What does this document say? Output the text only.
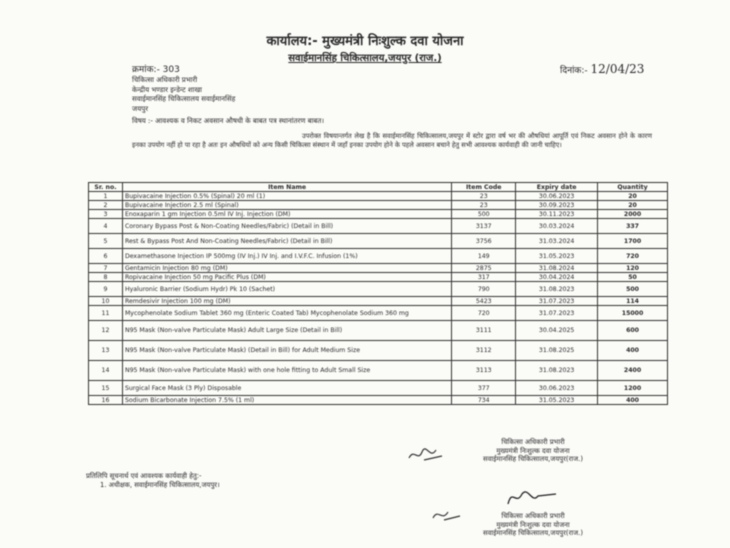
कार्यालय:- मुख्यमंत्री निःशुल्क दवा योजना
सवाईमानसिंह चिकित्सालय,जयपुर (राज.)
क्रमांक:- 303	दिनांक:- 12/04/23
चिकित्सा अधिकारी प्रभारी
केन्द्रीय भण्डार इन्डेन्ट शाखा
सवाईमानसिंह चिकित्सालय सवाईमानसिंह
जयपुर
विषय :- आवश्यक व निकट अवसान औषधी के बाबत पत्र स्थानांतरण बाबत।

उपरोक्त विषयान्तर्गत लेख है कि सवाईमानसिंह चिकित्सालय,जयपुर में स्टोर द्वारा वर्ष भर की औषधियां आपूर्ति एवं निकट अवसान होने के कारण इनका उपयोग नहीं हो पा रहा है अतः इन औषधियों को अन्य किसी चिकित्सा संस्थान में जहाँ इनका उपयोग होने के पहले अवसान बचाने हेतु सभी आवश्यक कार्यवाही की जानी चाहिए।

Sr. no.	Item Name	Item Code	Expiry date	Quantity
1	Bupivacaine Injection 0.5% (Spinal) 20 ml (1)	23	30.06.2023	20
2	Bupivacaine Injection 2.5 ml (Spinal)	23	30.09.2023	20
3	Enoxaparin 1 gm Injection 0.5ml IV Inj. Injection (DM)	500	30.11.2023	2000
4	Coronary Bypass Post & Non-Coating Needles/Fabric) (Detail in Bill)	3137	30.03.2024	337
5	Rest & Bypass Post And Non-Coating Needles/Fabric) (Detail in Bill)	3756	31.03.2024	1700
6	Dexamethasone Injection IP 500mg (IV Inj.) IV Inj. and I.V.F.C. Infusion (1%)	149	31.05.2023	720
7	Gentamicin Injection 80 mg (DM)	2875	31.08.2024	120
8	Ropivacaine Injection 50 mg Pacific Plus (DM)	317	30.04.2024	50
9	Hyaluronic Barrier (Sodium Hydr) Pk 10 (Sachet)	790	31.08.2023	500
10	Remdesivir Injection 100 mg (DM)	5423	31.07.2023	114
11	Mycophenolate Sodium Tablet 360 mg (Enteric Coated Tab) Mycophenolate Sodium 360 mg	720	31.07.2023	15000
12	N95 Mask (Non-valve Particulate Mask) Adult Large Size (Detail in Bill)	3111	30.04.2025	600
13	N95 Mask (Non-valve Particulate Mask) (Detail in Bill) for Adult Medium Size	3112	31.08.2025	400
14	N95 Mask (Non-valve Particulate Mask) with one hole fitting to Adult Small Size	3113	31.08.2023	2400
15	Surgical Face Mask (3 Ply) Disposable	377	30.06.2023	1200
16	Sodium Bicarbonate Injection 7.5% (1 ml)	734	31.05.2023	400
चिकित्सा अधिकारी प्रभारी
मुख्यमंत्री निःशुल्क दवा योजना
सवाईमानसिंह चिकित्सालय,जयपुर(राज.)
प्रतिलिपि सूचनार्थ एवं आवश्यक कार्यवाही हेतु:-
1. अधीक्षक, सवाईमानसिंह चिकित्सालय,जयपुर।
चिकित्सा अधिकारी प्रभारी
मुख्यमंत्री निःशुल्क दवा योजना
सवाईमानसिंह चिकित्सालय,जयपुर(राज.)
